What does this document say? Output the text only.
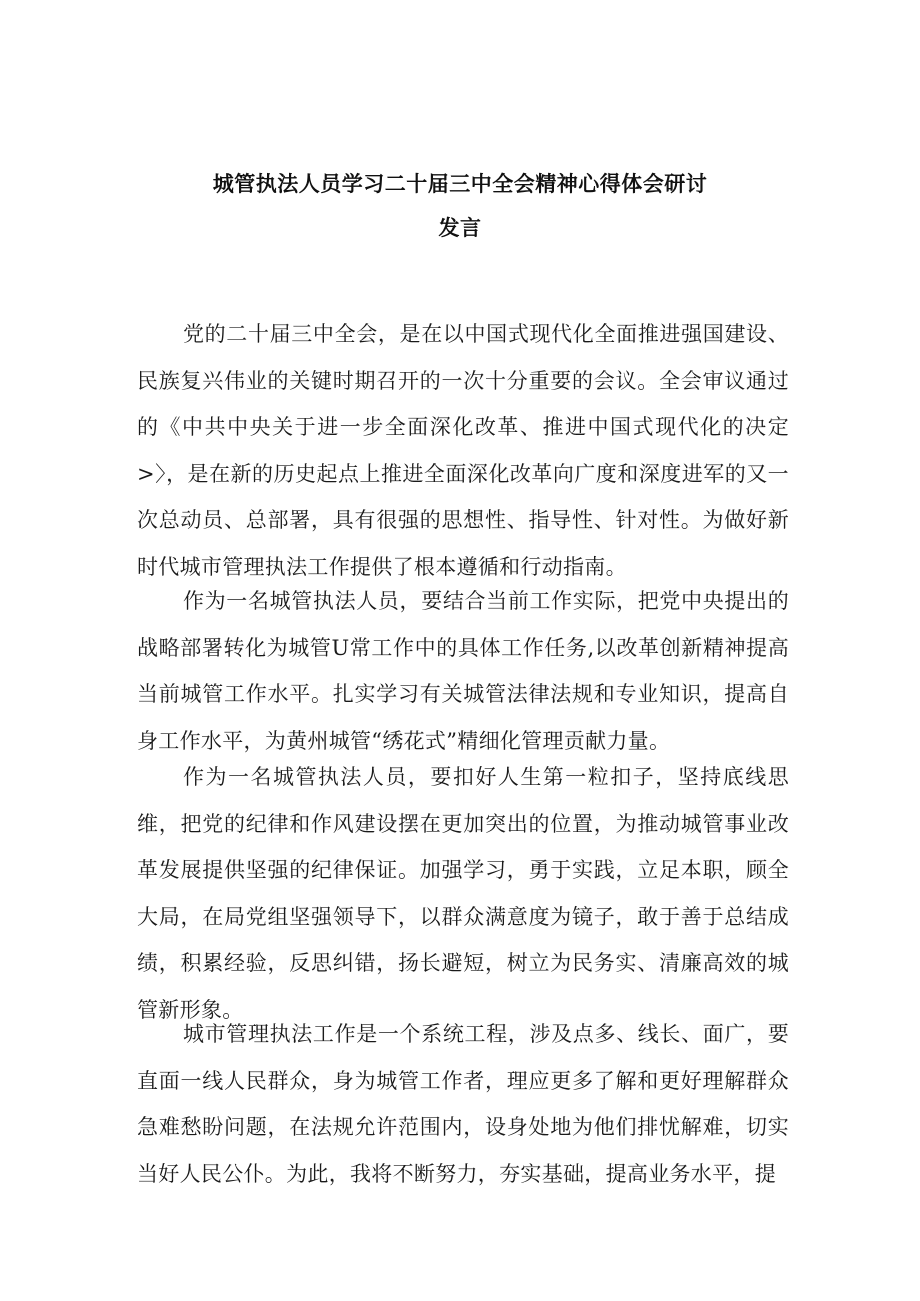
城管执法人员学习二十届三中全会精神心得体会研讨
发言

党的二十届三中全会，是在以中国式现代化全面推进强国建设、民族复兴伟业的关键时期召开的一次十分重要的会议。全会审议通过的《中共中央关于进一步全面深化改革、推进中国式现代化的决定>〉，是在新的历史起点上推进全面深化改革向广度和深度进军的又一次总动员、总部署，具有很强的思想性、指导性、针对性。为做好新时代城市管理执法工作提供了根本遵循和行动指南。

作为一名城管执法人员，要结合当前工作实际，把党中央提出的战略部署转化为城管U常工作中的具体工作任务,以改革创新精神提高当前城管工作水平。扎实学习有关城管法律法规和专业知识，提高自身工作水平，为黄州城管“绣花式”精细化管理贡献力量。

作为一名城管执法人员，要扣好人生第一粒扣子，坚持底线思维，把党的纪律和作风建设摆在更加突出的位置，为推动城管事业改革发展提供坚强的纪律保证。加强学习，勇于实践，立足本职，顾全大局，在局党组坚强领导下，以群众满意度为镜子，敢于善于总结成绩，积累经验，反思纠错，扬长避短，树立为民务实、清廉高效的城管新形象。

城市管理执法工作是一个系统工程，涉及点多、线长、面广，要直面一线人民群众，身为城管工作者，理应更多了解和更好理解群众急难愁盼问题，在法规允许范围内，设身处地为他们排忧解难，切实当好人民公仆。为此，我将不断努力，夯实基础，提高业务水平，提
